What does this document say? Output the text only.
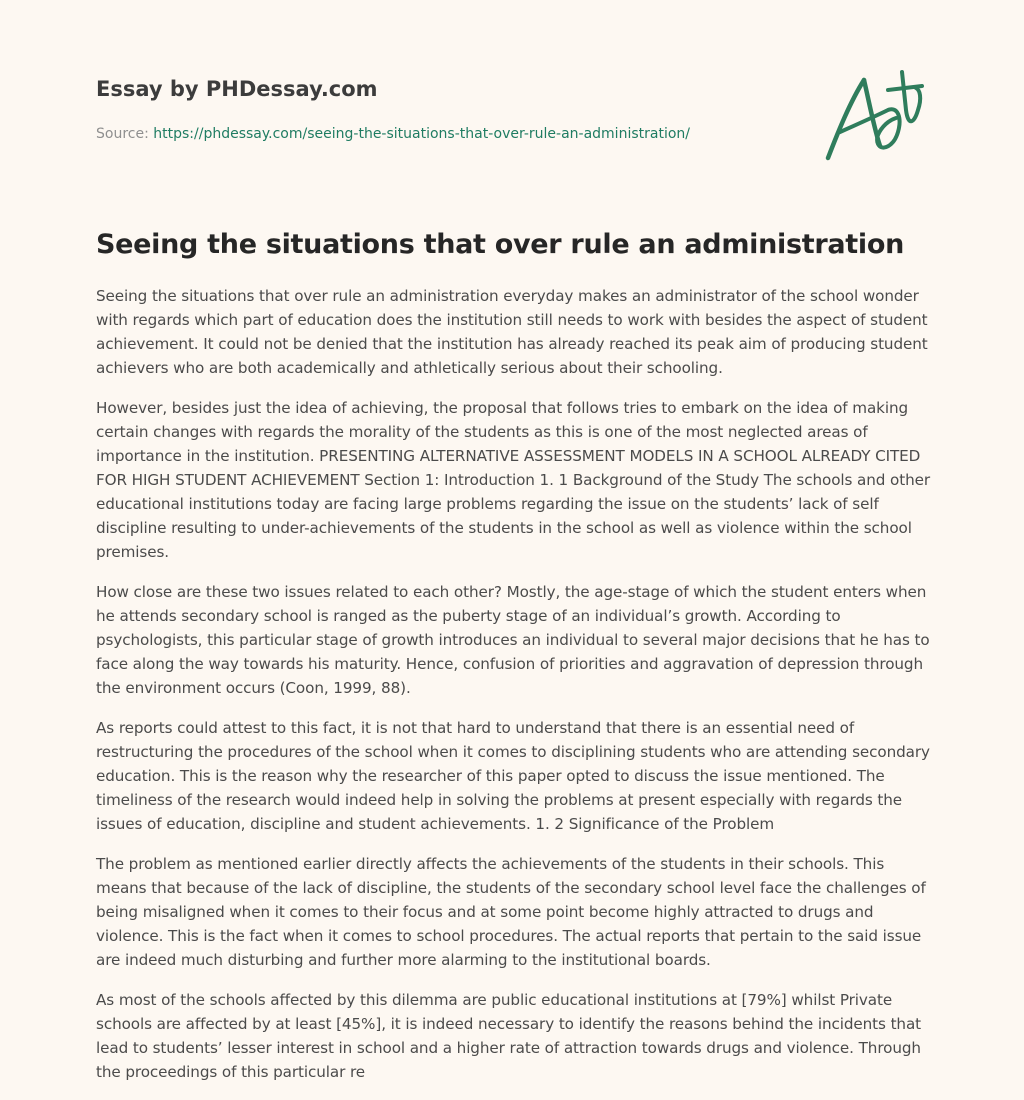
Essay by PHDessay.com
Source: https://phdessay.com/seeing-the-situations-that-over-rule-an-administration/
Seeing the situations that over rule an administration

Seeing the situations that over rule an administration everyday makes an administrator of the school wonder with regards which part of education does the institution still needs to work with besides the aspect of student achievement. It could not be denied that the institution has already reached its peak aim of producing student achievers who are both academically and athletically serious about their schooling.

However, besides just the idea of achieving, the proposal that follows tries to embark on the idea of making certain changes with regards the morality of the students as this is one of the most neglected areas of importance in the institution. PRESENTING ALTERNATIVE ASSESSMENT MODELS IN A SCHOOL ALREADY CITED FOR HIGH STUDENT ACHIEVEMENT Section 1: Introduction 1. 1 Background of the Study The schools and other educational institutions today are facing large problems regarding the issue on the students’ lack of self discipline resulting to under-achievements of the students in the school as well as violence within the school premises.

How close are these two issues related to each other? Mostly, the age-stage of which the student enters when he attends secondary school is ranged as the puberty stage of an individual’s growth. According to psychologists, this particular stage of growth introduces an individual to several major decisions that he has to face along the way towards his maturity. Hence, confusion of priorities and aggravation of depression through the environment occurs (Coon, 1999, 88).

As reports could attest to this fact, it is not that hard to understand that there is an essential need of restructuring the procedures of the school when it comes to disciplining students who are attending secondary education. This is the reason why the researcher of this paper opted to discuss the issue mentioned. The timeliness of the research would indeed help in solving the problems at present especially with regards the issues of education, discipline and student achievements. 1. 2 Significance of the Problem

The problem as mentioned earlier directly affects the achievements of the students in their schools. This means that because of the lack of discipline, the students of the secondary school level face the challenges of being misaligned when it comes to their focus and at some point become highly attracted to drugs and violence. This is the fact when it comes to school procedures. The actual reports that pertain to the said issue are indeed much disturbing and further more alarming to the institutional boards.

As most of the schools affected by this dilemma are public educational institutions at [79%] whilst Private schools are affected by at least [45%], it is indeed necessary to identify the reasons behind the incidents that lead to students’ lesser interest in school and a higher rate of attraction towards drugs and violence. Through the proceedings of this particular re
